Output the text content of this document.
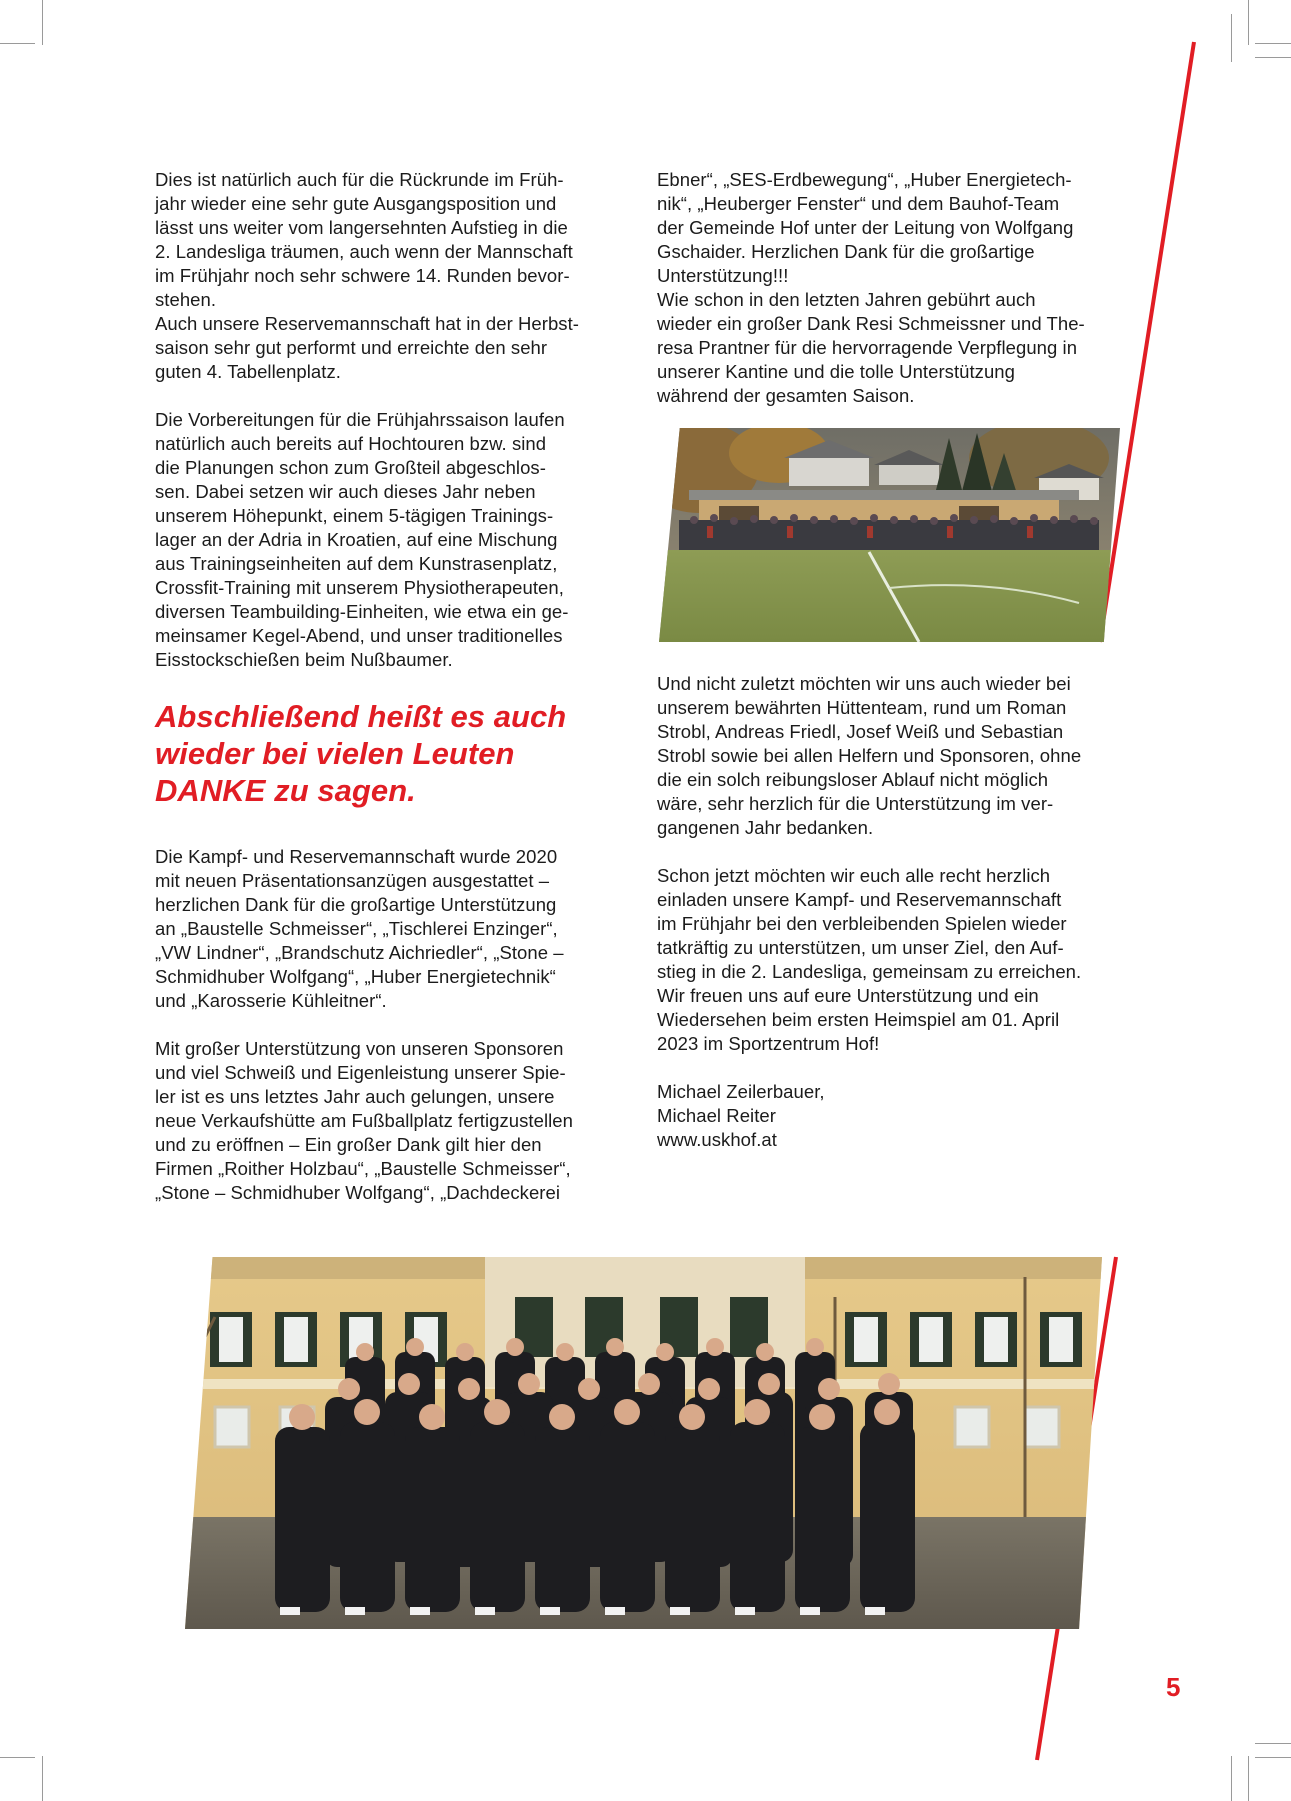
Dies ist natürlich auch für die Rückrunde im Früh-
jahr wieder eine sehr gute Ausgangsposition und
lässt uns weiter vom langersehnten Aufstieg in die
2. Landesliga träumen, auch wenn der Mannschaft
im Frühjahr noch sehr schwere 14. Runden bevor-
stehen.
Auch unsere Reservemannschaft hat in der Herbst-
saison sehr gut performt und erreichte den sehr
guten 4. Tabellenplatz.

Die Vorbereitungen für die Frühjahrssaison laufen
natürlich auch bereits auf Hochtouren bzw. sind
die Planungen schon zum Großteil abgeschlos-
sen. Dabei setzen wir auch dieses Jahr neben
unserem Höhepunkt, einem 5-tägigen Trainings-
lager an der Adria in Kroatien, auf eine Mischung
aus Trainingseinheiten auf dem Kunstrasenplatz,
Crossfit-Training mit unserem Physiotherapeuten,
diversen Teambuilding-Einheiten, wie etwa ein ge-
meinsamer Kegel-Abend, und unser traditionelles
Eisstockschießen beim Nußbaumer.

Abschließend heißt es auch
wieder bei vielen Leuten
DANKE zu sagen.

Die Kampf- und Reservemannschaft wurde 2020
mit neuen Präsentationsanzügen ausgestattet –
herzlichen Dank für die großartige Unterstützung
an „Baustelle Schmeisser“, „Tischlerei Enzinger“,
„VW Lindner“, „Brandschutz Aichriedler“, „Stone –
Schmidhuber Wolfgang“, „Huber Energietechnik“
und „Karosserie Kühleitner“.

Mit großer Unterstützung von unseren Sponsoren
und viel Schweiß und Eigenleistung unserer Spie-
ler ist es uns letztes Jahr auch gelungen, unsere
neue Verkaufshütte am Fußballplatz fertigzustellen
und zu eröffnen – Ein großer Dank gilt hier den
Firmen „Roither Holzbau“, „Baustelle Schmeisser“,
„Stone – Schmidhuber Wolfgang“, „Dachdeckerei

Ebner“, „SES-Erdbewegung“, „Huber Energietech-
nik“, „Heuberger Fenster“ und dem Bauhof-Team
der Gemeinde Hof unter der Leitung von Wolfgang
Gschaider. Herzlichen Dank für die großartige
Unterstützung!!!
Wie schon in den letzten Jahren gebührt auch
wieder ein großer Dank Resi Schmeissner und The-
resa Prantner für die hervorragende Verpflegung in
unserer Kantine und die tolle Unterstützung
während der gesamten Saison.

Und nicht zuletzt möchten wir uns auch wieder bei
unserem bewährten Hüttenteam, rund um Roman
Strobl, Andreas Friedl, Josef Weiß und Sebastian
Strobl sowie bei allen Helfern und Sponsoren, ohne
die ein solch reibungsloser Ablauf nicht möglich
wäre, sehr herzlich für die Unterstützung im ver-
gangenen Jahr bedanken.

Schon jetzt möchten wir euch alle recht herzlich
einladen unsere Kampf- und Reservemannschaft
im Frühjahr bei den verbleibenden Spielen wieder
tatkräftig zu unterstützen, um unser Ziel, den Auf-
stieg in die 2. Landesliga, gemeinsam zu erreichen.
Wir freuen uns auf eure Unterstützung und ein
Wiedersehen beim ersten Heimspiel am 01. April
2023 im Sportzentrum Hof!

Michael Zeilerbauer,
Michael Reiter
www.uskhof.at

5
